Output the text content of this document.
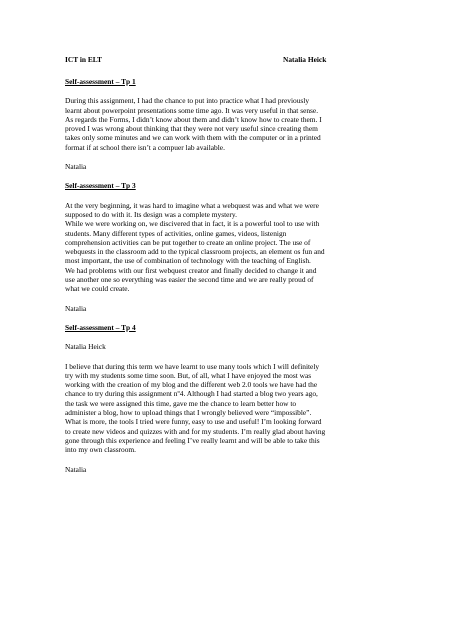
ICT in ELT	Natalia Heick

Self-assessment – Tp 1

During this assignment, I had the chance to put into practice what I had previously
learnt about powerpoint presentations some time ago. It was very useful in that sense.
As regards the Forms, I didn’t know about them and didn’t know how to create them. I
proved I was wrong about thinking that they were not very useful since creating them
takes only some minutes and we can work with them with the computer or in a printed
format if at school there isn’t a compuer lab available.

Natalia

Self-assessment – Tp 3

At the very beginning, it was hard to imagine what a webquest was and what we were
supposed to do with it. Its design was a complete mystery.
While we were working on, we discivered that in fact, it is a powerful tool to use with
students. Many different types of activities, online games, videos, listenign
comprehension activities can be put together to create an online project. The use of
webquests in the classroom add to the typical classroom projects, an element os fun and
most important, the use of combination of technology with the teaching of English.
We had problems with our first webquest creator and finally decided to change it and
use another one so everything was easier the second time and we are really proud of
what we could create.

Natalia

Self-assessment – Tp 4

Natalia Heick

I believe that during this term we have learnt to use many tools which I will definitely
try with my students some time soon. But, of all, what I have enjoyed the most was
working with the creation of my blog and the different web 2.0 tools we have had the
chance to try during this assignment nº4. Although I had started a blog two years ago,
the task we were assigned this time, gave me the chance to learn better how to
administer a blog, how to upload things that I wrongly believed were “impossible”.
What is more, the tools I tried were funny, easy to use and useful! I’m looking forward
to create new videos and quizzes with and for my students. I’m really glad about having
gone through this experience and feeling I’ve really learnt and will be able to take this
into my own classroom.

Natalia
